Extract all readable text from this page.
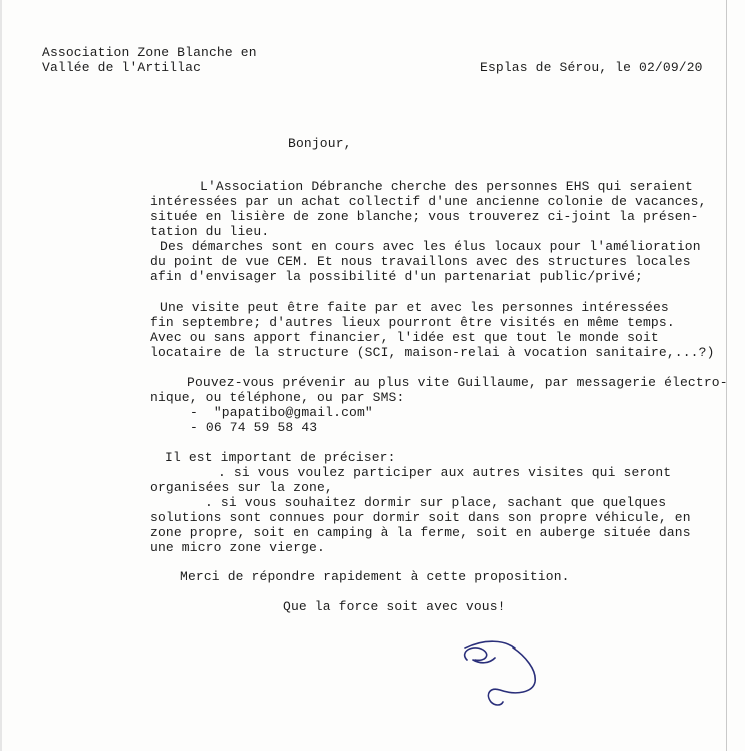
Association Zone Blanche en
Vallée de l'Artillac	Esplas de Sérou, le 02/09/20
Bonjour,
L'Association Débranche cherche des personnes EHS qui seraient
intéressées par un achat collectif d'une ancienne colonie de vacances,
située en lisière de zone blanche; vous trouverez ci-joint la présen-
tation du lieu.
Des démarches sont en cours avec les élus locaux pour l'amélioration
du point de vue CEM. Et nous travaillons avec des structures locales
afin d'envisager la possibilité d'un partenariat public/privé;
Une visite peut être faite par et avec les personnes intéressées
fin septembre; d'autres lieux pourront être visités en même temps.
Avec ou sans apport financier, l'idée est que tout le monde soit
locataire de la structure (SCI, maison-relai à vocation sanitaire,...?)
Pouvez-vous prévenir au plus vite Guillaume, par messagerie électro-
nique, ou téléphone, ou par SMS:
-  "papatibo@gmail.com"
- 06 74 59 58 43
Il est important de préciser:
. si vous voulez participer aux autres visites qui seront
organisées sur la zone,
. si vous souhaitez dormir sur place, sachant que quelques
solutions sont connues pour dormir soit dans son propre véhicule, en
zone propre, soit en camping à la ferme, soit en auberge située dans
une micro zone vierge.
Merci de répondre rapidement à cette proposition.
Que la force soit avec vous!
